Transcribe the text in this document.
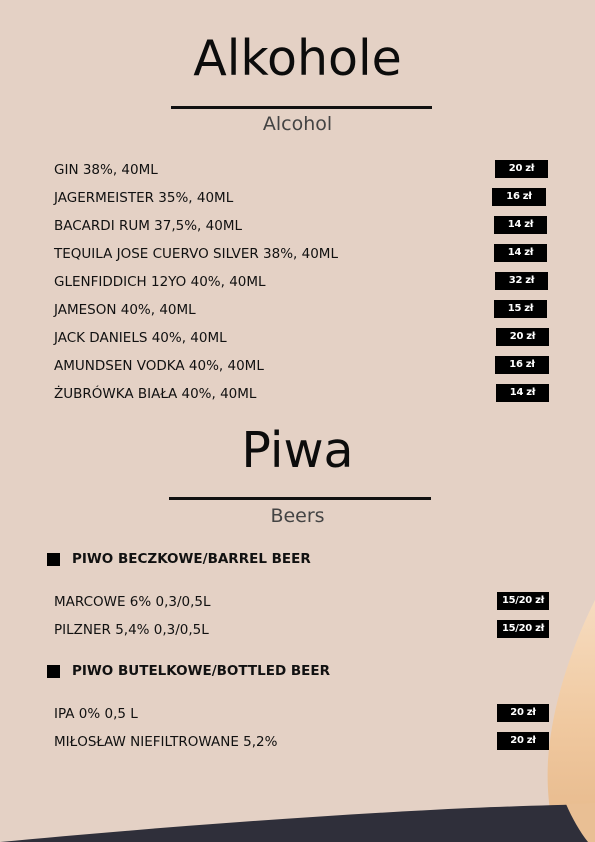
Alkohole
Alcohol
GIN 38%, 40ML	20 zł
JAGERMEISTER 35%, 40ML	16 zł
BACARDI RUM 37,5%, 40ML	14 zł
TEQUILA JOSE CUERVO SILVER 38%, 40ML	14 zł
GLENFIDDICH 12YO 40%, 40ML	32 zł
JAMESON 40%, 40ML	15 zł
JACK DANIELS 40%, 40ML	20 zł
AMUNDSEN VODKA 40%, 40ML	16 zł
ŻUBRÓWKA BIAŁA 40%, 40ML	14 zł
Piwa
Beers
PIWO BECZKOWE/BARREL BEER
MARCOWE 6% 0,3/0,5L	15/20 zł
PILZNER 5,4% 0,3/0,5L	15/20 zł
PIWO BUTELKOWE/BOTTLED BEER
IPA 0% 0,5 L	20 zł
MIŁOSŁAW NIEFILTROWANE 5,2%	20 zł
